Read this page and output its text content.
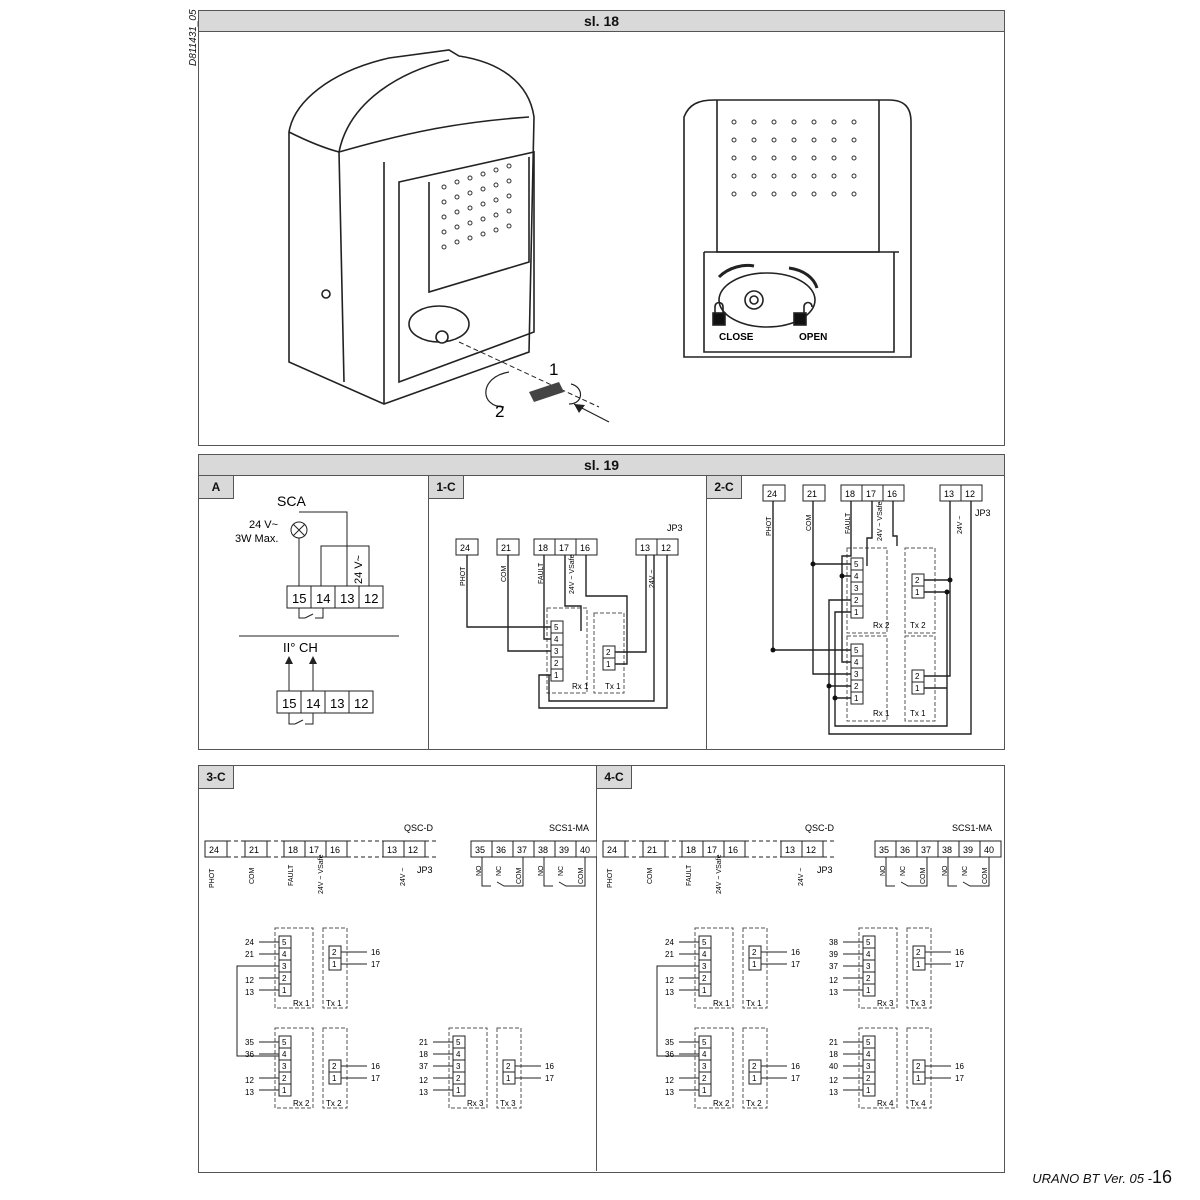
D811431_05	sl. 18
1
2
CLOSE	OPEN
sl. 19
A
SCA
24 V~
3W Max.
24 V~
15 14 13 12
II° CH
15 14 13 12
1-C
JP3
24	21	18 17 16	13 12
PHOT	COM	FAULT	24V ~ VSafe	24V ~
5
4
3
2
1
2
1
Rx 1 Tx 1
2-C
JP3
24	21	18 17 16	13 12
PHOT	COM	FAULT	24V ~ VSafe	24V ~
5
4
3
2
1
2
1
Rx 2	Tx 2
5
4
3
2
1
2
1
Rx 1	Tx 1
3-C
QSC-D	SCS1-MA
JP3
24	21	18 17 16	13 12	35 36 37 38 39 40
PHOT	COM	FAULT	24V ~ VSafe	24V ~	NO NC COM NO NC COM
5
4
3
2
1
2
1
Rx 1 Tx 1
24
21
12
13
16
17
5
4
3
2
1
2
1
Rx 2 Tx 2
35
36
12
13
16
17
5
4
3
2
1
2
1
Rx 3 Tx 3
21
18
37
12
13
16
17
4-C
QSC-D	SCS1-MA
JP3
24	21	18 17 16	13 12	35 36 37 38 39 40
PHOT	COM	FAULT	24V ~ VSafe	24V ~	NO NC COM NO NC COM
5
4
3
2
1
2
1
Rx 1 Tx 1
24
21
12
13
16
17
5
4
3
2
1
2
1
Rx 2 Tx 2
35
36
12
13
16
17
5
4
3
2
1
2
1
Rx 3 Tx 3
38
39
37
12
13
16
17
5
4
3
2
1
2
1
Rx 4 Tx 4
21
18
40
12
13
16
17
URANO BT Ver. 05 -16
